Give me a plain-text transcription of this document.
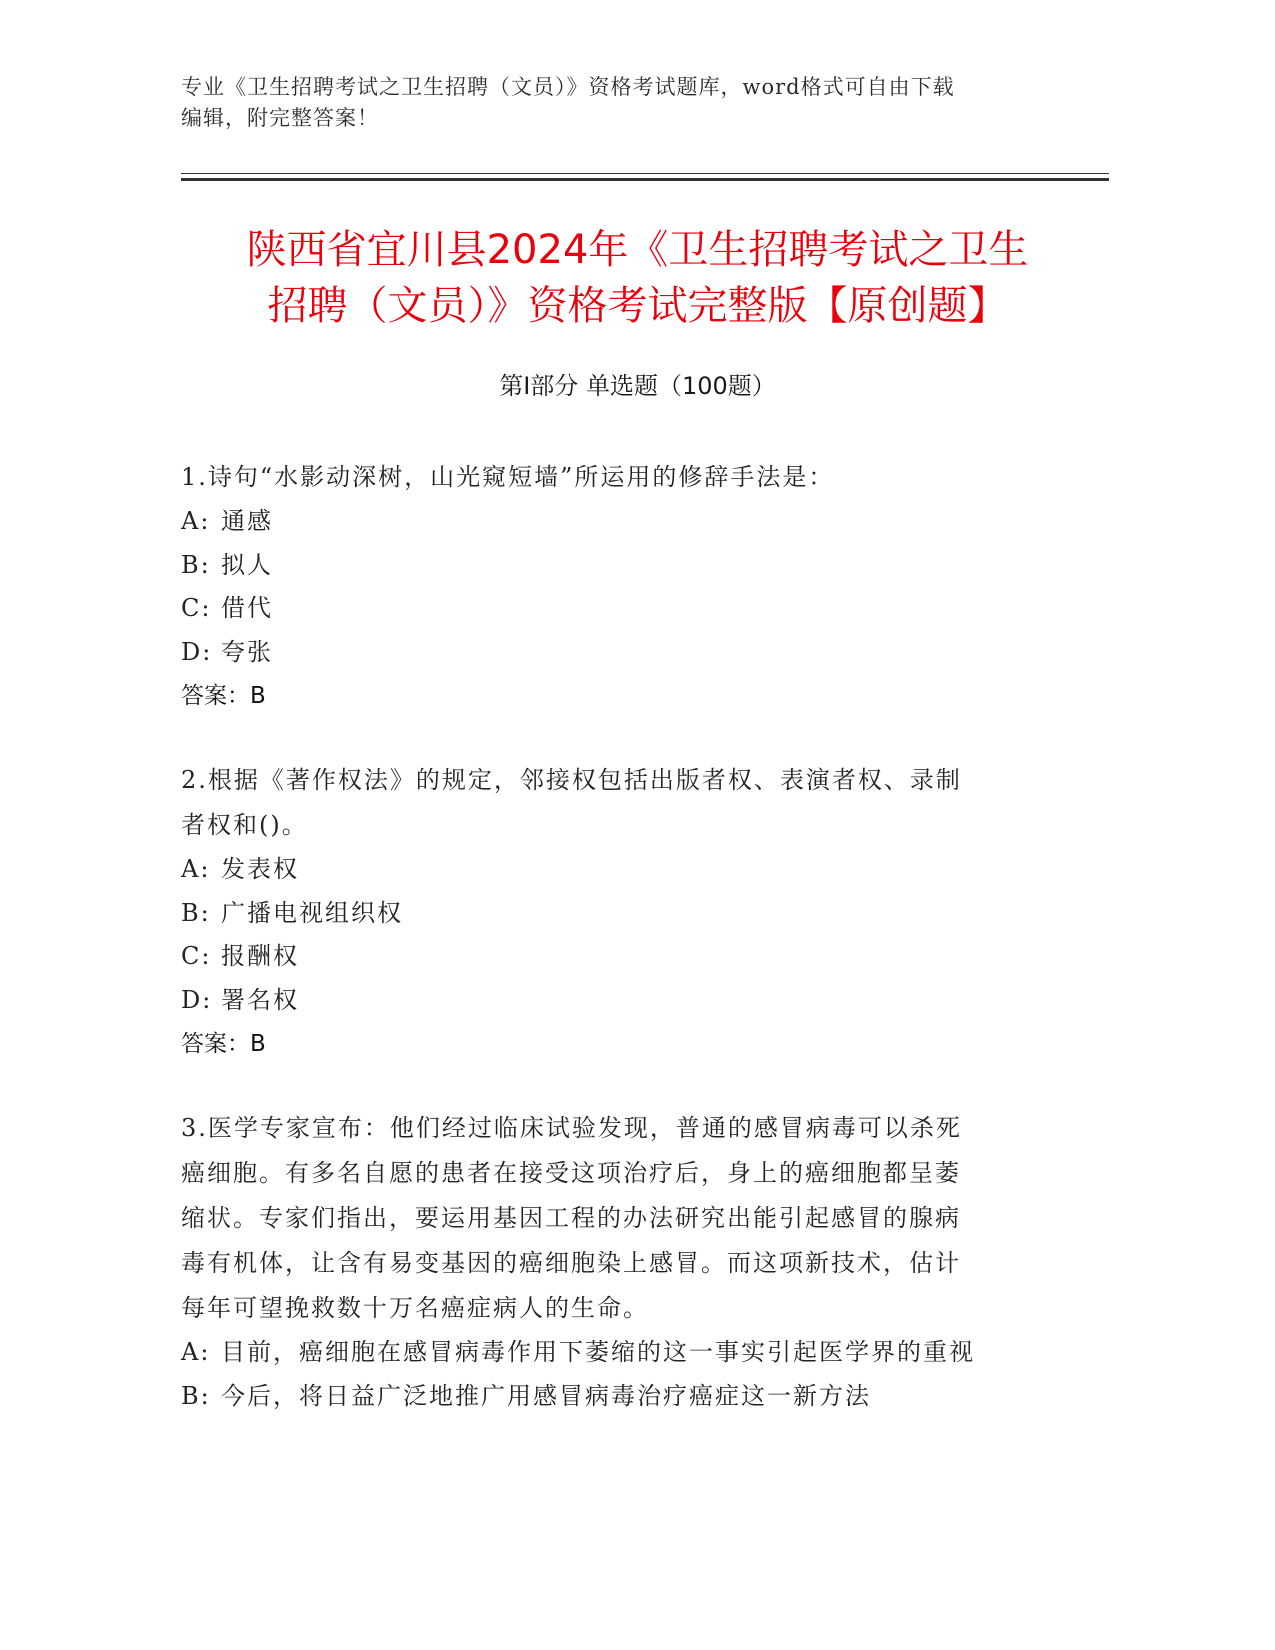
专业《卫生招聘考试之卫生招聘（文员）》资格考试题库，word格式可自由下载
编辑，附完整答案！
陕西省宜川县2024年《卫生招聘考试之卫生
招聘（文员）》资格考试完整版【原创题】
第Ⅰ部分 单选题（100题）

1.诗句“水影动深树，山光窥短墙”所运用的修辞手法是：

A: 通感

B: 拟人

C: 借代

D: 夸张

答案：B

2.根据《著作权法》的规定，邻接权包括出版者权、表演者权、录制

者权和()。

A: 发表权

B: 广播电视组织权

C: 报酬权

D: 署名权

答案：B

3.医学专家宣布：他们经过临床试验发现，普通的感冒病毒可以杀死

癌细胞。有多名自愿的患者在接受这项治疗后，身上的癌细胞都呈萎

缩状。专家们指出，要运用基因工程的办法研究出能引起感冒的腺病

毒有机体，让含有易变基因的癌细胞染上感冒。而这项新技术，估计

每年可望挽救数十万名癌症病人的生命。

A: 目前，癌细胞在感冒病毒作用下萎缩的这一事实引起医学界的重视

B: 今后，将日益广泛地推广用感冒病毒治疗癌症这一新方法
